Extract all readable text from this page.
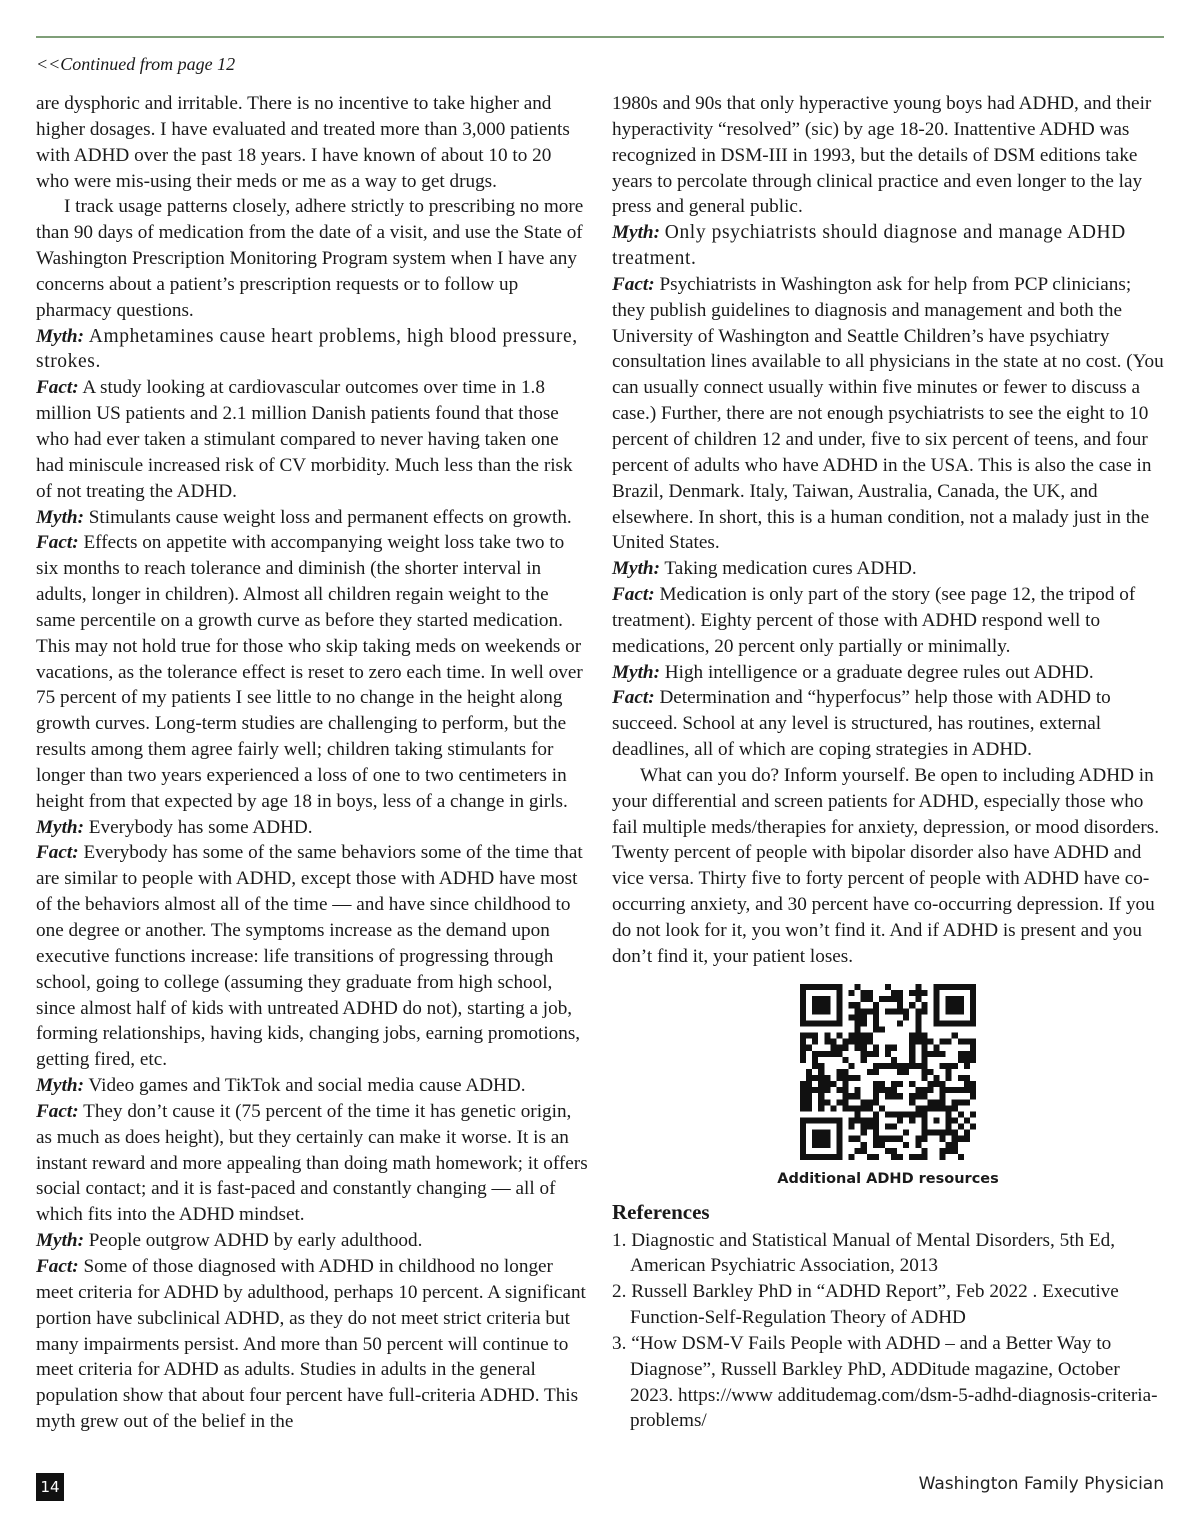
<<Continued from page 12

are dysphoric and irritable. There is no incentive to take higher and higher dosages. I have evaluated and treated more than 3,000 patients with ADHD over the past 18 years. I have known of about 10 to 20 who were mis-using their meds or me as a way to get drugs.

I track usage patterns closely, adhere strictly to prescribing no more than 90 days of medication from the date of a visit, and use the State of Washington Prescription Monitoring Program system when I have any concerns about a patient’s prescription requests or to follow up pharmacy questions.

Myth: Amphetamines cause heart problems, high blood pressure, strokes.

Fact: A study looking at cardiovascular outcomes over time in 1.8 million US patients and 2.1 million Danish patients found that those who had ever taken a stimulant compared to never having taken one had miniscule increased risk of CV morbidity. Much less than the risk of not treating the ADHD.

Myth: Stimulants cause weight loss and permanent effects on growth.

Fact: Effects on appetite with accompanying weight loss take two to six months to reach tolerance and diminish (the shorter interval in adults, longer in children). Almost all children regain weight to the same percentile on a growth curve as before they started medication. This may not hold true for those who skip taking meds on weekends or vacations, as the tolerance effect is reset to zero each time. In well over 75 percent of my patients I see little to no change in the height along growth curves. Long-term studies are challenging to perform, but the results among them agree fairly well; children taking stimulants for longer than two years experienced a loss of one to two centimeters in height from that expected by age 18 in boys, less of a change in girls.

Myth: Everybody has some ADHD.

Fact: Everybody has some of the same behaviors some of the time that are similar to people with ADHD, except those with ADHD have most of the behaviors almost all of the time — and have since childhood to one degree or another. The symptoms increase as the demand upon executive functions increase: life transitions of progressing through school, going to college (assuming they graduate from high school, since almost half of kids with untreated ADHD do not), starting a job, forming relationships, having kids, changing jobs, earning promotions, getting fired, etc.

Myth: Video games and TikTok and social media cause ADHD.

Fact: They don’t cause it (75 percent of the time it has genetic origin, as much as does height), but they certainly can make it worse. It is an instant reward and more appealing than doing math homework; it offers social contact; and it is fast-paced and constantly changing — all of which fits into the ADHD mindset.

Myth: People outgrow ADHD by early adulthood.

Fact: Some of those diagnosed with ADHD in childhood no longer meet criteria for ADHD by adulthood, perhaps 10 percent. A significant portion have subclinical ADHD, as they do not meet strict criteria but many impairments persist. And more than 50 percent will continue to meet criteria for ADHD as adults. Studies in adults in the general population show that about four percent have full-criteria ADHD. This myth grew out of the belief in the

1980s and 90s that only hyperactive young boys had ADHD, and their hyperactivity “resolved” (sic) by age 18-20. Inattentive ADHD was recognized in DSM-III in 1993, but the details of DSM editions take years to percolate through clinical practice and even longer to the lay press and general public.

Myth: Only psychiatrists should diagnose and manage ADHD treatment.

Fact: Psychiatrists in Washington ask for help from PCP clinicians; they publish guidelines to diagnosis and management and both the University of Washington and Seattle Children’s have psychiatry consultation lines available to all physicians in the state at no cost. (You can usually connect usually within five minutes or fewer to discuss a case.) Further, there are not enough psychiatrists to see the eight to 10 percent of children 12 and under, five to six percent of teens, and four percent of adults who have ADHD in the USA. This is also the case in Brazil, Denmark. Italy, Taiwan, Australia, Canada, the UK, and elsewhere. In short, this is a human condition, not a malady just in the United States.

Myth: Taking medication cures ADHD.

Fact: Medication is only part of the story (see page 12, the tripod of treatment). Eighty percent of those with ADHD respond well to medications, 20 percent only partially or minimally.

Myth: High intelligence or a graduate degree rules out ADHD.

Fact: Determination and “hyperfocus” help those with ADHD to succeed. School at any level is structured, has routines, external deadlines, all of which are coping strategies in ADHD.

What can you do? Inform yourself. Be open to including ADHD in your differential and screen patients for ADHD, especially those who fail multiple meds/therapies for anxiety, depression, or mood disorders. Twenty percent of people with bipolar disorder also have ADHD and vice versa. Thirty five to forty percent of people with ADHD have co-occurring anxiety, and 30 percent have co-occurring depression. If you do not look for it, you won’t find it. And if ADHD is present and you don’t find it, your patient loses.

Additional ADHD resources
References

1. Diagnostic and Statistical Manual of Mental Disorders, 5th Ed, American Psychiatric Association, 2013

2. Russell Barkley PhD in “ADHD Report”, Feb 2022 . Executive Function-Self-Regulation Theory of ADHD

3. “How DSM-V Fails People with ADHD – and a Better Way to Diagnose”, Russell Barkley PhD, ADDitude magazine, October 2023. https://www additudemag.com/dsm-5-adhd-diagnosis-criteria-problems/

14	Washington Family Physician
